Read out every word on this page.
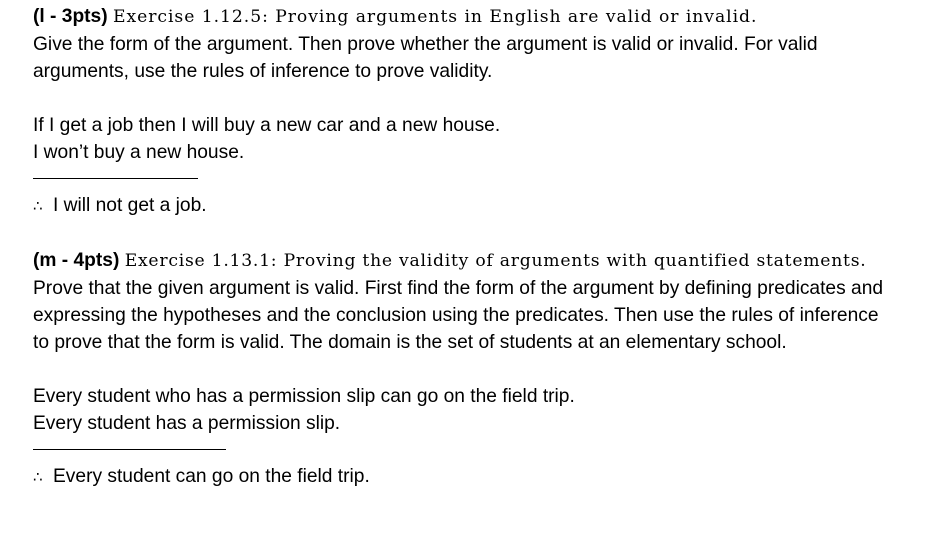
(l - 3pts) Exercise 1.12.5: Proving arguments in English are valid or invalid.
Give the form of the argument. Then prove whether the argument is valid or invalid. For valid arguments, use the rules of inference to prove validity.
If I get a job then I will buy a new car and a new house.
I won’t buy a new house.
∴ I will not get a job.
(m - 4pts) Exercise 1.13.1: Proving the validity of arguments with quantified statements.
Prove that the given argument is valid. First find the form of the argument by defining predicates and expressing the hypotheses and the conclusion using the predicates. Then use the rules of inference to prove that the form is valid. The domain is the set of students at an elementary school.
Every student who has a permission slip can go on the field trip.
Every student has a permission slip.
∴ Every student can go on the field trip.
